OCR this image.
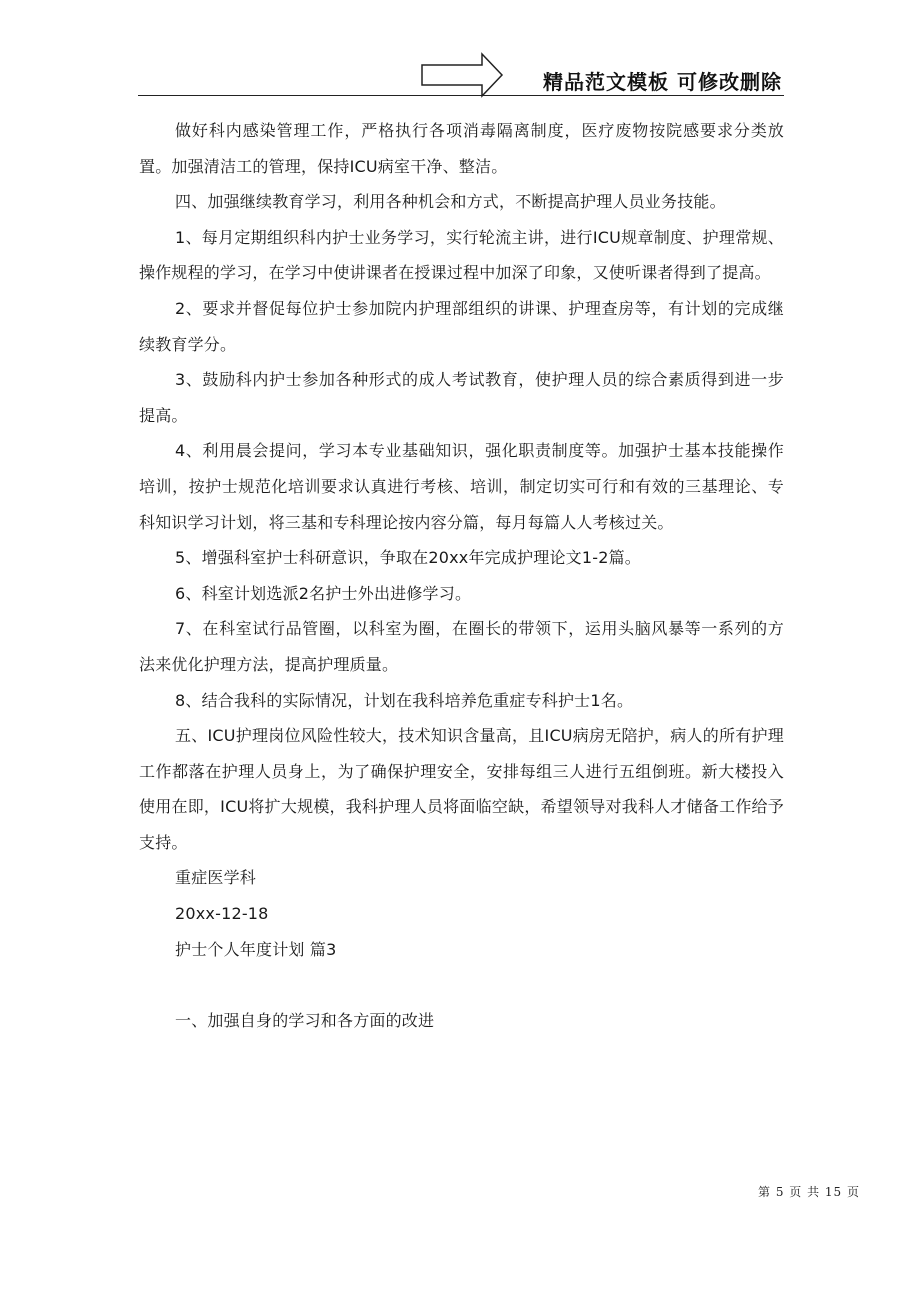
精品范文模板 可修改删除

做好科内感染管理工作，严格执行各项消毒隔离制度，医疗废物按院感要求分类放置。加强清洁工的管理，保持ICU病室干净、整洁。

四、加强继续教育学习，利用各种机会和方式，不断提高护理人员业务技能。

1、每月定期组织科内护士业务学习，实行轮流主讲，进行ICU规章制度、护理常规、操作规程的学习，在学习中使讲课者在授课过程中加深了印象，又使听课者得到了提高。

2、要求并督促每位护士参加院内护理部组织的讲课、护理查房等，有计划的完成继续教育学分。

3、鼓励科内护士参加各种形式的成人考试教育，使护理人员的综合素质得到进一步提高。

4、利用晨会提问，学习本专业基础知识，强化职责制度等。加强护士基本技能操作培训，按护士规范化培训要求认真进行考核、培训，制定切实可行和有效的三基理论、专科知识学习计划，将三基和专科理论按内容分篇，每月每篇人人考核过关。

5、增强科室护士科研意识，争取在20xx年完成护理论文1-2篇。

6、科室计划选派2名护士外出进修学习。

7、在科室试行品管圈，以科室为圈，在圈长的带领下，运用头脑风暴等一系列的方法来优化护理方法，提高护理质量。

8、结合我科的实际情况，计划在我科培养危重症专科护士1名。

五、ICU护理岗位风险性较大，技术知识含量高，且ICU病房无陪护，病人的所有护理工作都落在护理人员身上，为了确保护理安全，安排每组三人进行五组倒班。新大楼投入使用在即，ICU将扩大规模，我科护理人员将面临空缺，希望领导对我科人才储备工作给予支持。

重症医学科

20xx-12-18

护士个人年度计划 篇3

一、加强自身的学习和各方面的改进

第 5 页 共 15 页
